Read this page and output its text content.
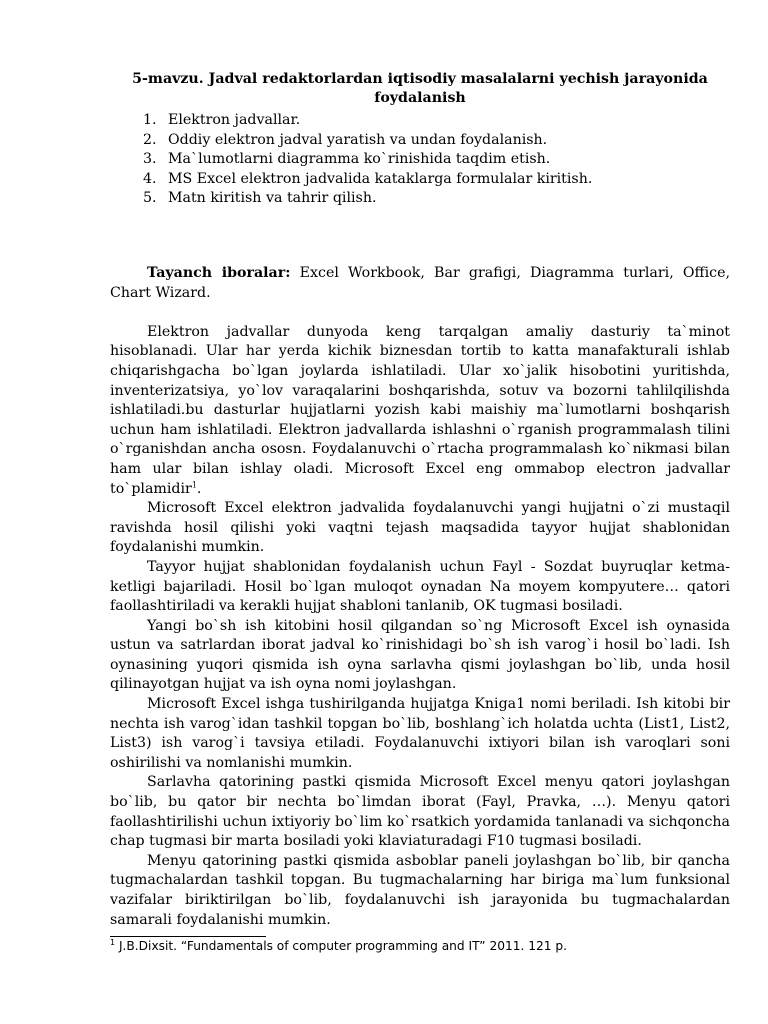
5-mavzu. Jadval redaktorlardan iqtisodiy masalalarni yechish jarayonida foydalanish
1. Elektron jadvallar.
2. Oddiy elektron jadval yaratish va undan foydalanish.
3. Ma`lumotlarni diagramma ko`rinishida taqdim etish.
4. MS Excel elektron jadvalida kataklarga formulalar kiritish.
5. Matn kiritish va tahrir qilish.

Tayanch iboralar: Excel Workbook, Bar grafigi, Diagramma turlari, Office, Chart Wizard.

Elektron jadvallar dunyoda keng tarqalgan amaliy dasturiy ta`minot hisoblanadi. Ular har yerda kichik biznesdan tortib to katta manafakturali ishlab chiqarishgacha bo`lgan joylarda ishlatiladi. Ular xo`jalik hisobotini yuritishda, inventerizatsiya, yo`lov varaqalarini boshqarishda, sotuv va bozorni tahlilqilishda ishlatiladi.bu dasturlar hujjatlarni yozish kabi maishiy ma`lumotlarni boshqarish uchun ham ishlatiladi. Elektron jadvallarda ishlashni o`rganish programmalash tilini o`rganishdan ancha ososn. Foydalanuvchi o`rtacha programmalash ko`nikmasi bilan ham ular bilan ishlay oladi. Microsoft Excel eng ommabop electron jadvallar to`plamidir$^1$.

Microsoft Excel elektron jadvalida foydalanuvchi yangi hujjatni o`zi mustaqil ravishda hosil qilishi yoki vaqtni tejash maqsadida tayyor hujjat shablonidan foydalanishi mumkin.

Tayyor hujjat shablonidan foydalanish uchun Fayl - Sozdat buyruqlar ketma-ketligi bajariladi. Hosil bo`lgan muloqot oynadan Na moyem kompyutere… qatori faollashtiriladi va kerakli hujjat shabloni tanlanib, OK tugmasi bosiladi.

Yangi bo`sh ish kitobini hosil qilgandan so`ng Microsoft Excel ish oynasida ustun va satrlardan iborat jadval ko`rinishidagi bo`sh ish varog`i hosil bo`ladi. Ish oynasining yuqori qismida ish oyna sarlavha qismi joylashgan bo`lib, unda hosil qilinayotgan hujjat va ish oyna nomi joylashgan.

Microsoft Excel ishga tushirilganda hujjatga Kniga1 nomi beriladi. Ish kitobi bir nechta ish varog`idan tashkil topgan bo`lib, boshlang`ich holatda uchta (List1, List2, List3) ish varog`i tavsiya etiladi. Foydalanuvchi ixtiyori bilan ish varoqlari soni oshirilishi va nomlanishi mumkin.

Sarlavha qatorining pastki qismida Microsoft Excel menyu qatori joylashgan bo`lib, bu qator bir nechta bo`limdan iborat (Fayl, Pravka, …). Menyu qatori faollashtirilishi uchun ixtiyoriy bo`lim ko`rsatkich yordamida tanlanadi va sichqoncha chap tugmasi bir marta bosiladi yoki klaviaturadagi F10 tugmasi bosiladi.

Menyu qatorining pastki qismida asboblar paneli joylashgan bo`lib, bir qancha tugmachalardan tashkil topgan. Bu tugmachalarning har biriga ma`lum funksional vazifalar biriktirilgan bo`lib, foydalanuvchi ish jarayonida bu tugmachalardan samarali foydalanishi mumkin.

$^1$ J.B.Dixsit. “Fundamentals of computer programming and IT” 2011. 121 p.
